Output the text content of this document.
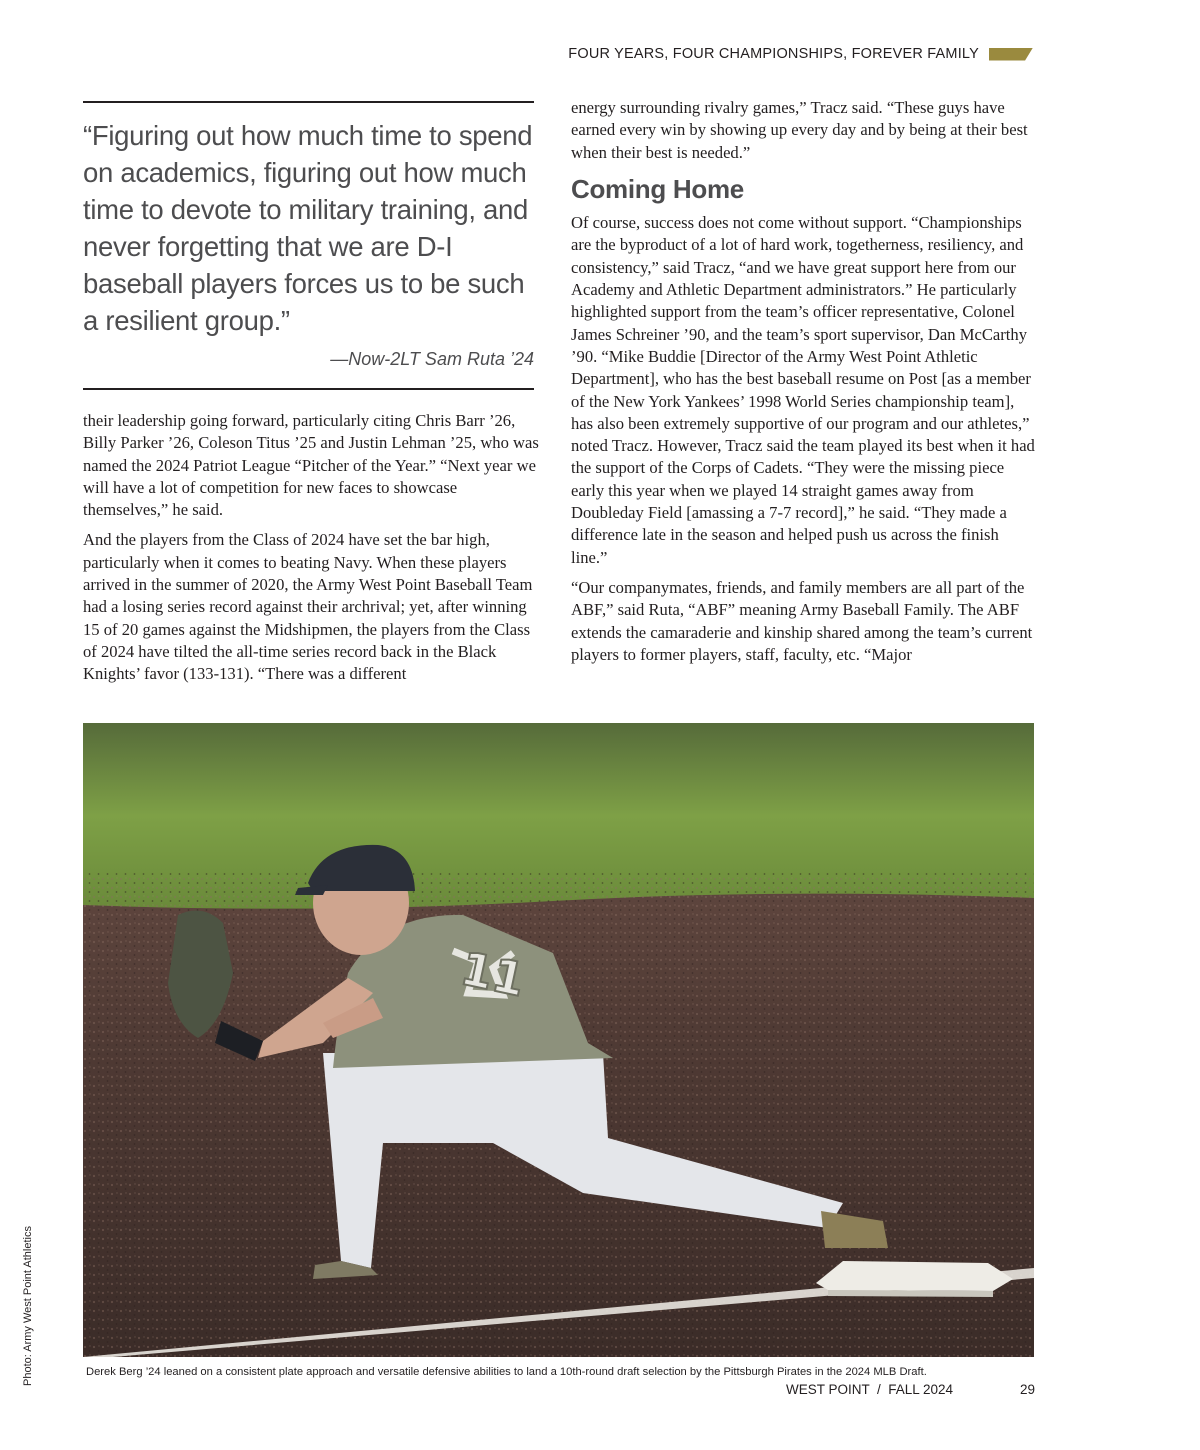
FOUR YEARS, FOUR CHAMPIONSHIPS, FOREVER FAMILY

“Figuring out how much time to spend on academics, figuring out how much time to devote to military training, and never forgetting that we are D-I baseball players forces us to be such a resilient group.”

—Now-2LT Sam Ruta ’24

their leadership going forward, particularly citing Chris Barr ’26, Billy Parker ’26, Coleson Titus ’25 and Justin Lehman ’25, who was named the 2024 Patriot League “Pitcher of the Year.” “Next year we will have a lot of competition for new faces to showcase themselves,” he said.

And the players from the Class of 2024 have set the bar high, particularly when it comes to beating Navy. When these players arrived in the summer of 2020, the Army West Point Baseball Team had a losing series record against their archrival; yet, after winning 15 of 20 games against the Midshipmen, the players from the Class of 2024 have tilted the all-time series record back in the Black Knights’ favor (133-131). “There was a different

energy surrounding rivalry games,” Tracz said. “These guys have earned every win by showing up every day and by being at their best when their best is needed.”

Coming Home

Of course, success does not come without support. “Championships are the byproduct of a lot of hard work, togetherness, resiliency, and consistency,” said Tracz, “and we have great support here from our Academy and Athletic Department administrators.” He particularly highlighted support from the team’s officer representative, Colonel James Schreiner ’90, and the team’s sport supervisor, Dan McCarthy ’90. “Mike Buddie [Director of the Army West Point Athletic Department], who has the best baseball resume on Post [as a member of the New York Yankees’ 1998 World Series championship team], has also been extremely supportive of our program and our athletes,” noted Tracz. However, Tracz said the team played its best when it had the support of the Corps of Cadets. “They were the missing piece early this year when we played 14 straight games away from Doubleday Field [amassing a 7-7 record],” he said. “They made a difference late in the season and helped push us across the finish line.”

“Our companymates, friends, and family members are all part of the ABF,” said Ruta, “ABF” meaning Army Baseball Family. The ABF extends the camaraderie and kinship shared among the team’s current players to former players, staff, faculty, etc. “Major

11
Derek Berg ’24 leaned on a consistent plate approach and versatile defensive abilities to land a 10th-round draft selection by the Pittsburgh Pirates in the 2024 MLB Draft.
Photo: Army West Point Athletics
WEST POINT  /  FALL 2024	29
